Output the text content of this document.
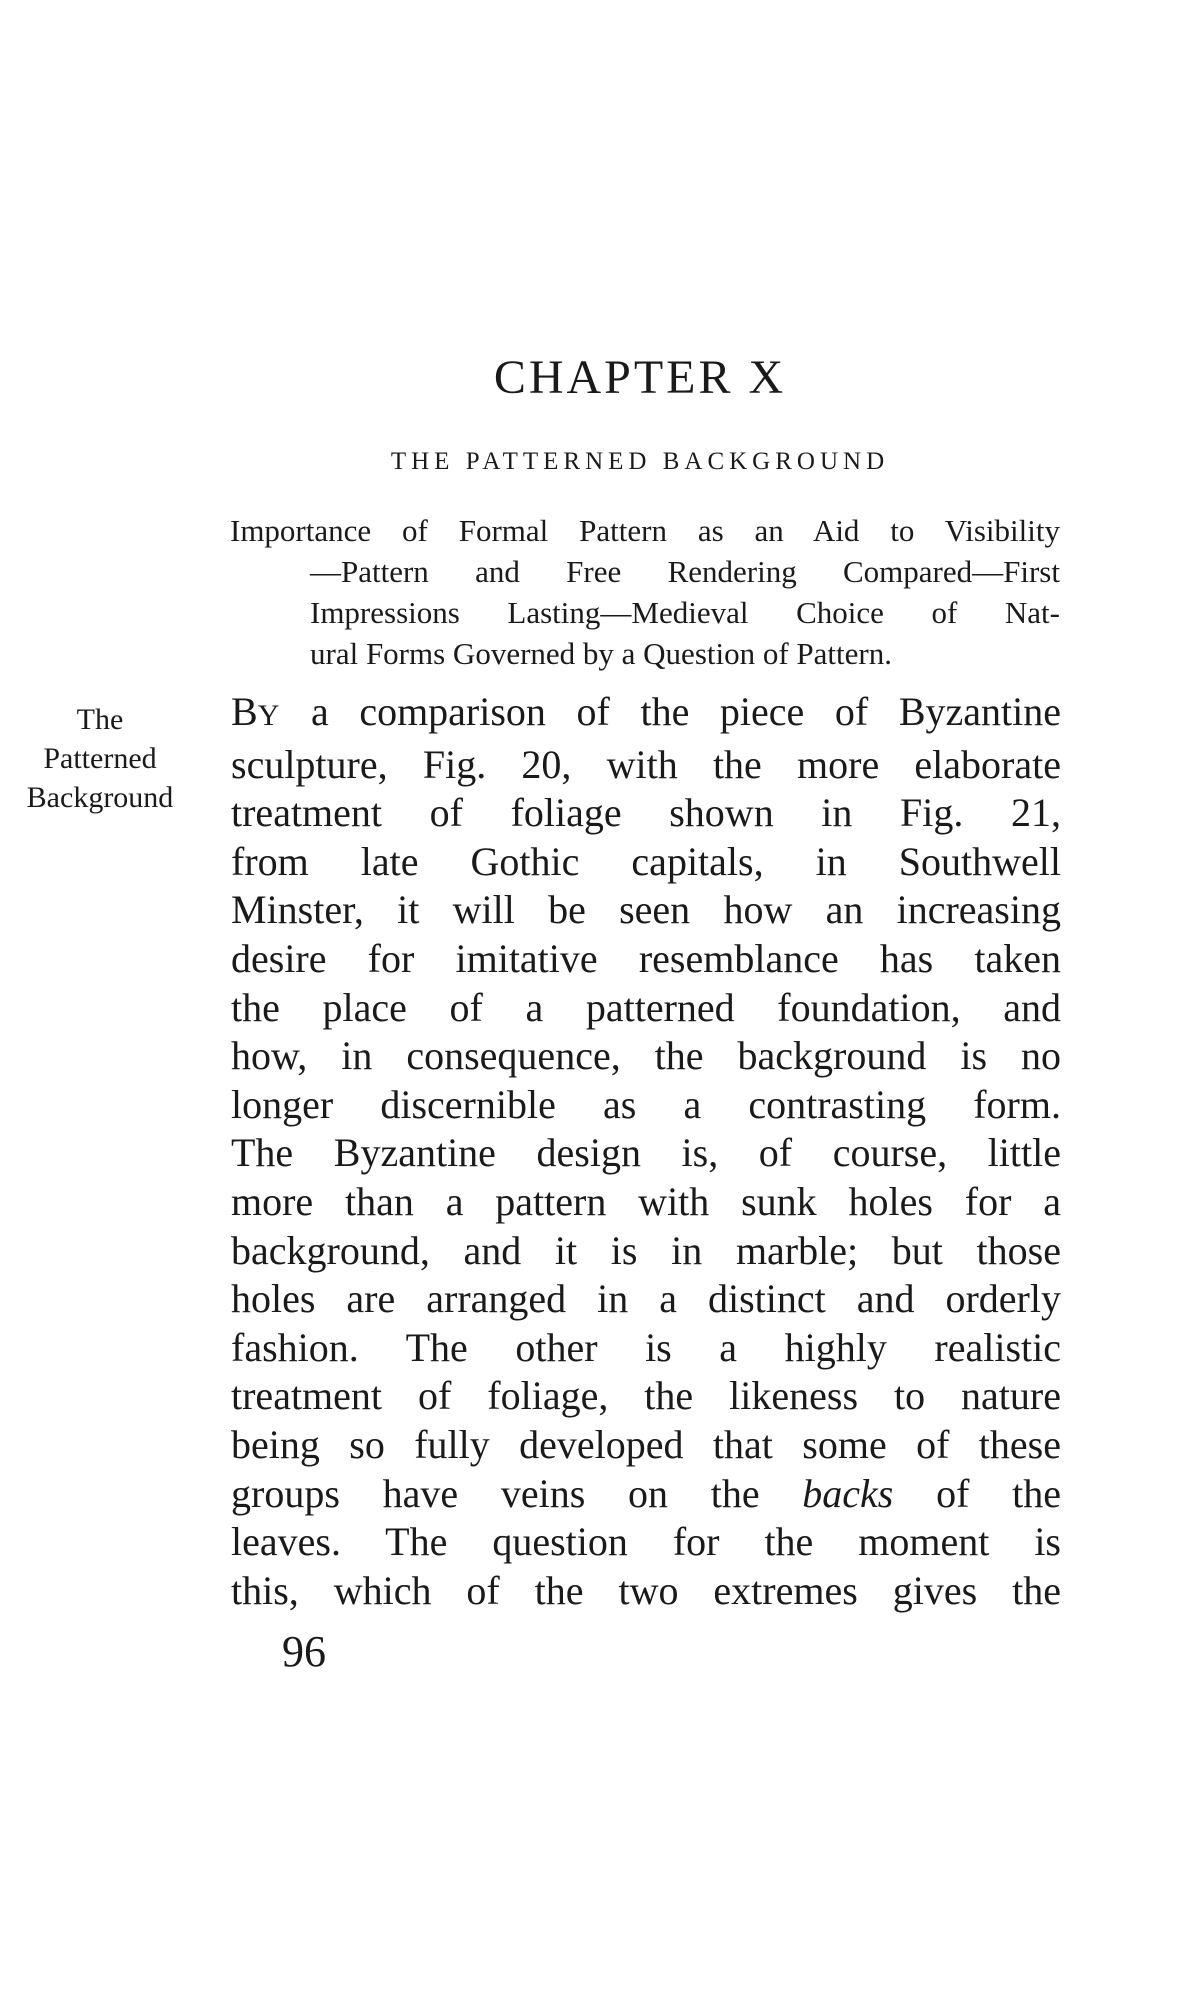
CHAPTER X
THE PATTERNED BACKGROUND
Importance of Formal Pattern as an Aid to Visibility
—Pattern and Free Rendering Compared—First
Impressions Lasting—Medieval Choice of Nat-
ural Forms Governed by a Question of Pattern.
The
Patterned
Background
BY a comparison of the piece of Byzantine
sculpture, Fig. 20, with the more elaborate
treatment of foliage shown in Fig. 21,
from late Gothic capitals, in Southwell
Minster, it will be seen how an increasing
desire for imitative resemblance has taken
the place of a patterned foundation, and
how, in consequence, the background is no
longer discernible as a contrasting form.
The Byzantine design is, of course, little
more than a pattern with sunk holes for a
background, and it is in marble; but those
holes are arranged in a distinct and orderly
fashion. The other is a highly realistic
treatment of foliage, the likeness to nature
being so fully developed that some of these
groups have veins on the backs of the
leaves. The question for the moment is
this, which of the two extremes gives the
96
